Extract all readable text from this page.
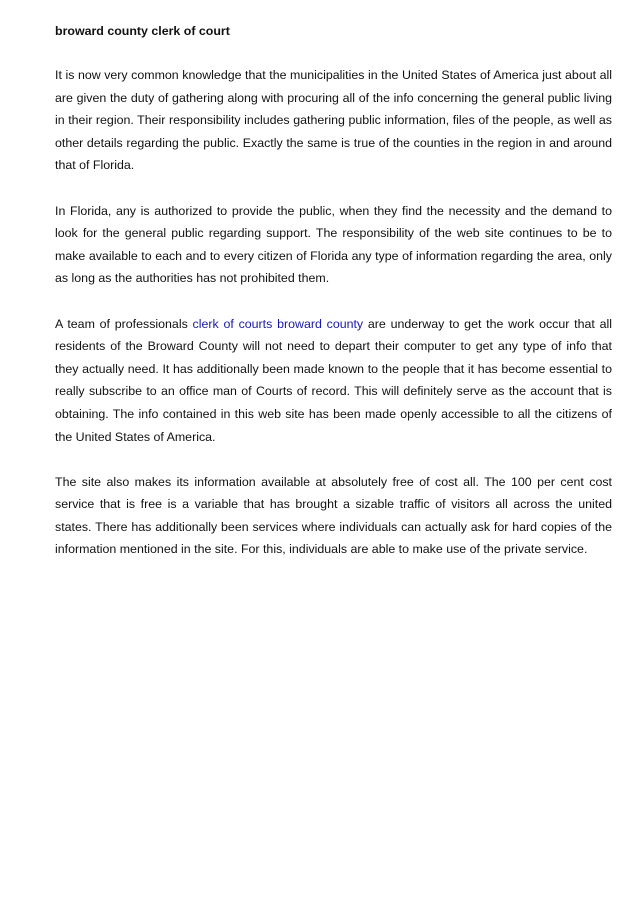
broward county clerk of court

It is now very common knowledge that the municipalities in the United States of America just about all are given the duty of gathering along with procuring all of the info concerning the general public living in their region. Their responsibility includes gathering public information, files of the people, as well as other details regarding the public. Exactly the same is true of the counties in the region in and around that of Florida.

In Florida, any is authorized to provide the public, when they find the necessity and the demand to look for the general public regarding support. The responsibility of the web site continues to be to make available to each and to every citizen of Florida any type of information regarding the area, only as long as the authorities has not prohibited them.

A team of professionals clerk of courts broward county are underway to get the work occur that all residents of the Broward County will not need to depart their computer to get any type of info that they actually need. It has additionally been made known to the people that it has become essential to really subscribe to an office man of Courts of record. This will definitely serve as the account that is obtaining. The info contained in this web site has been made openly accessible to all the citizens of the United States of America.

The site also makes its information available at absolutely free of cost all. The 100 per cent cost service that is free is a variable that has brought a sizable traffic of visitors all across the united states. There has additionally been services where individuals can actually ask for hard copies of the information mentioned in the site. For this, individuals are able to make use of the private service.
